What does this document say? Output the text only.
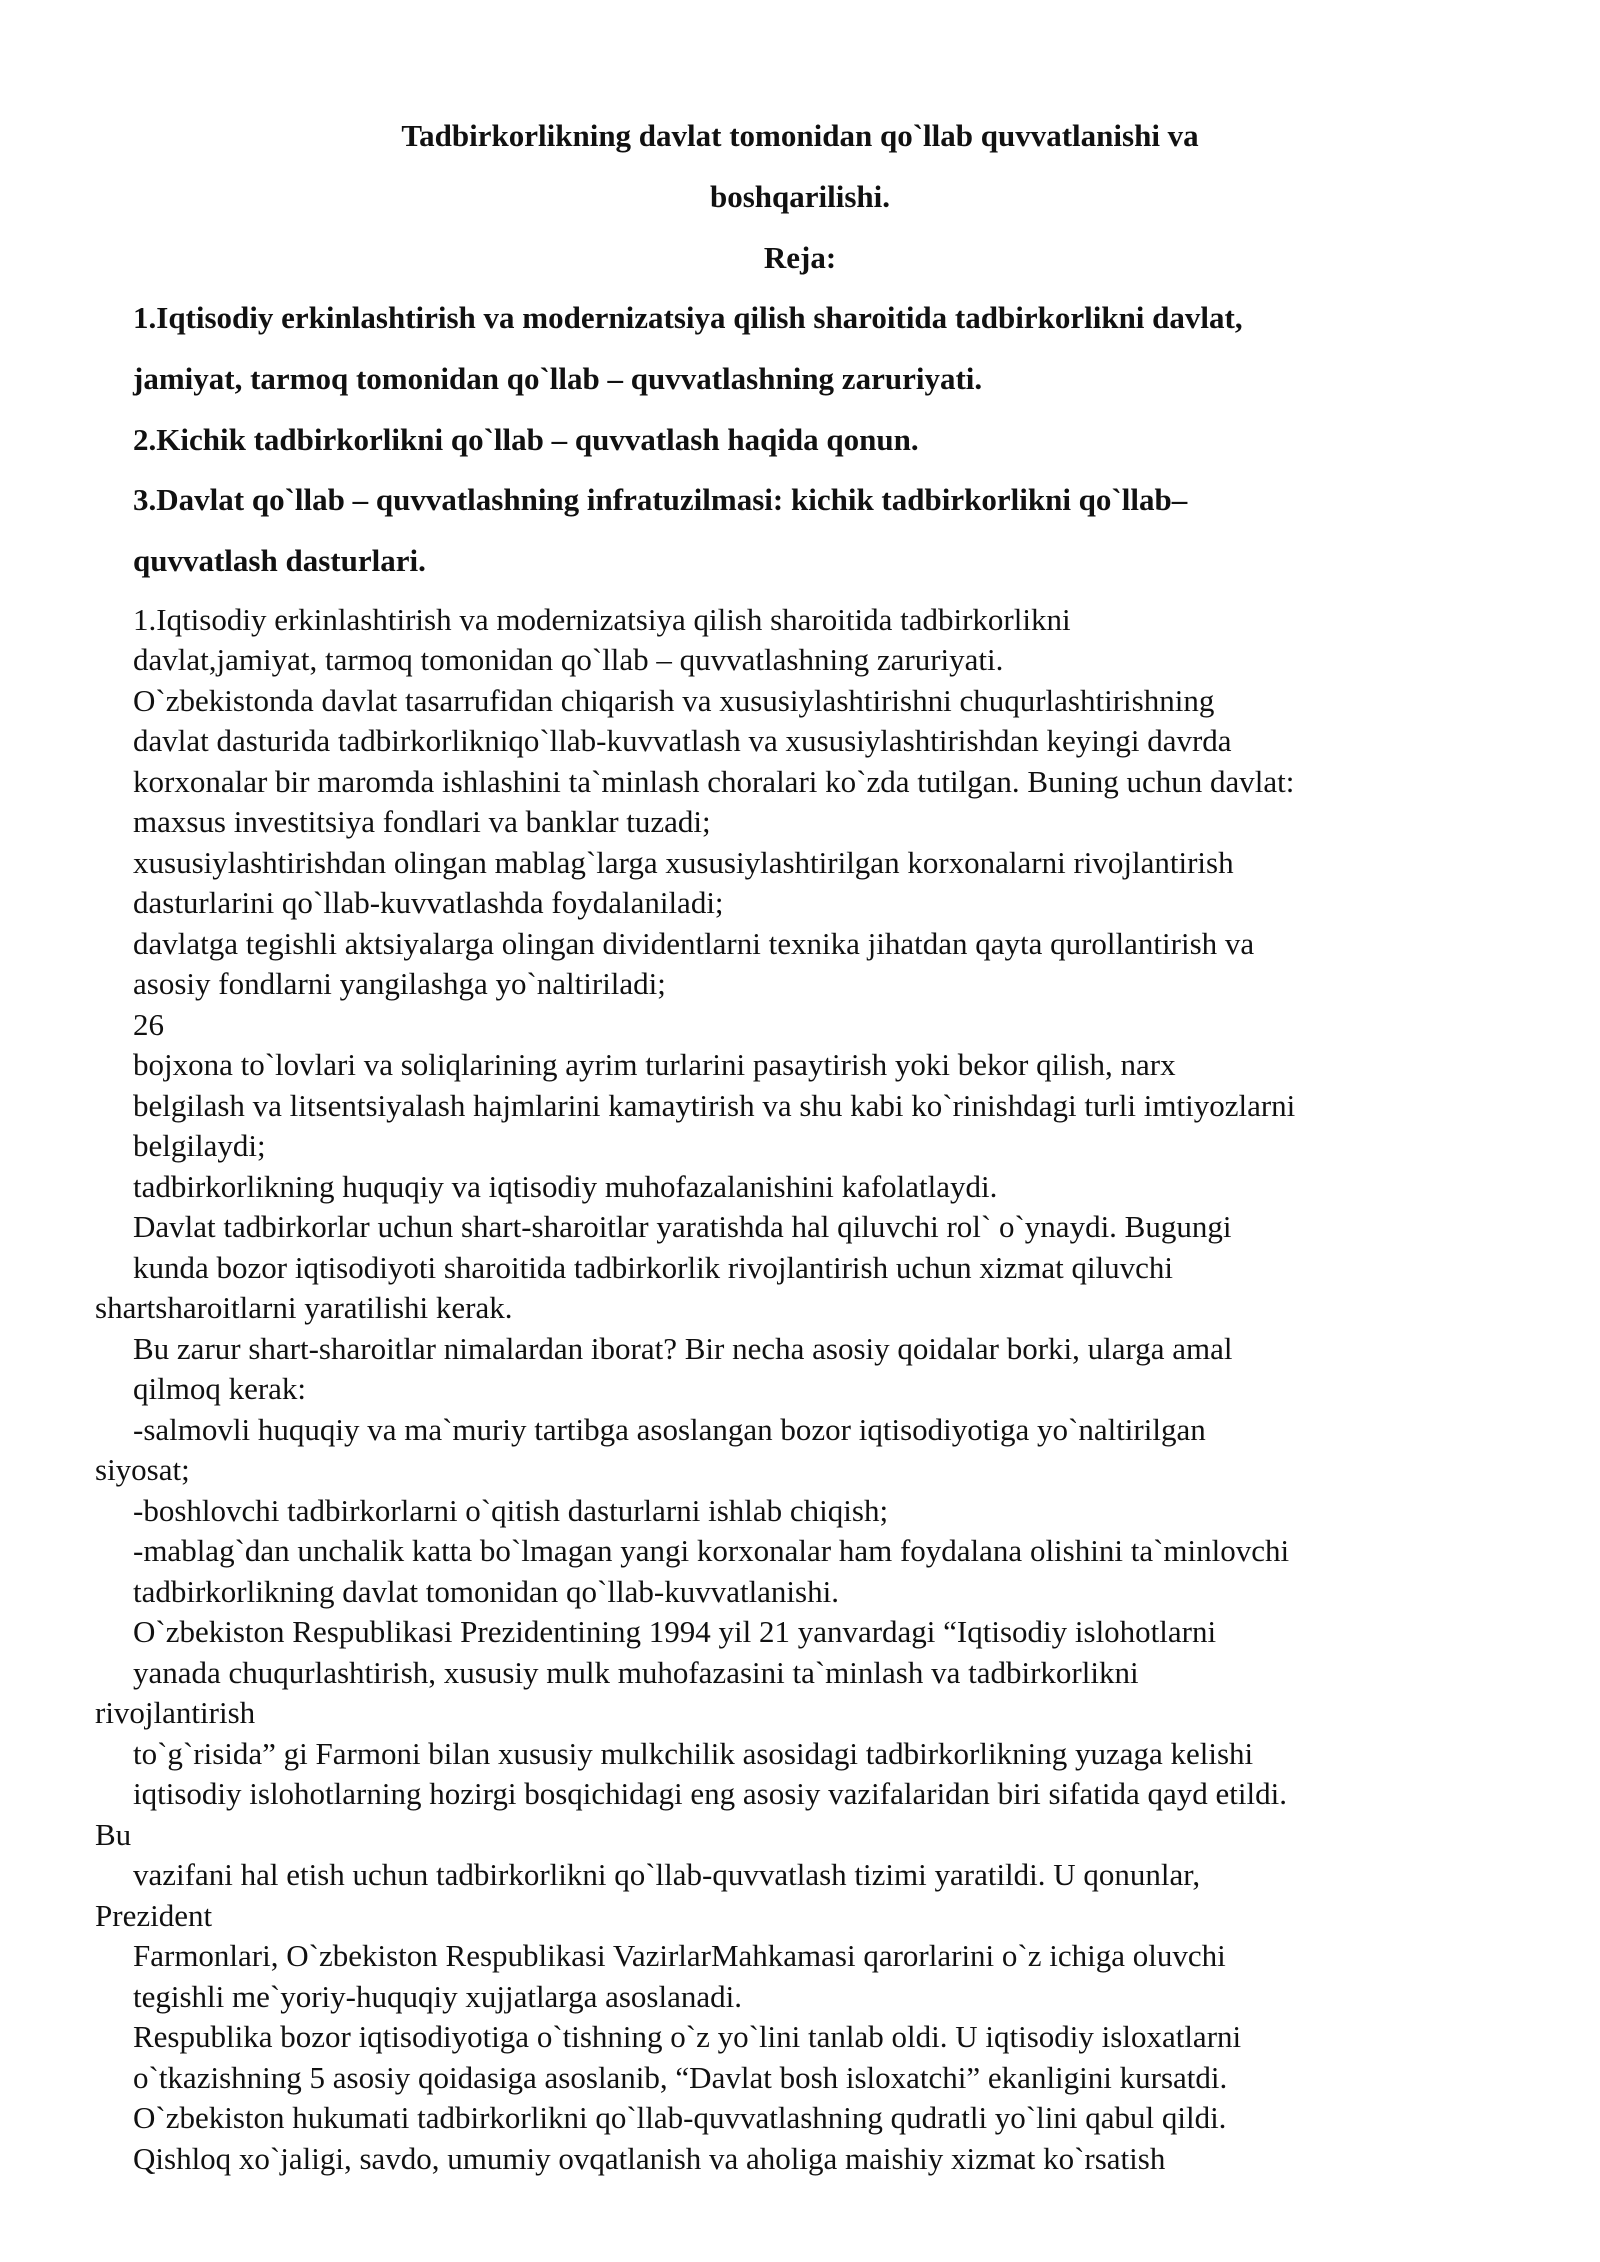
Tadbirkorlikning davlat tomonidan qo`llab quvvatlanishi va
boshqarilishi.
Reja:
1.Iqtisodiy erkinlashtirish va modernizatsiya qilish sharoitida tadbirkorlikni davlat,
jamiyat, tarmoq tomonidan qo`llab – quvvatlashning zaruriyati.
2.Kichik tadbirkorlikni qo`llab – quvvatlash haqida qonun.
3.Davlat qo`llab – quvvatlashning infratuzilmasi: kichik tadbirkorlikni qo`llab–
quvvatlash dasturlari.
1.Iqtisodiy erkinlashtirish va modernizatsiya qilish sharoitida tadbirkorlikni
davlat,jamiyat, tarmoq tomonidan qo`llab – quvvatlashning zaruriyati.
O`zbekistonda davlat tasarrufidan chiqarish va xususiylashtirishni chuqurlashtirishning
davlat dasturida tadbirkorlikniqo`llab-kuvvatlash va xususiylashtirishdan keyingi davrda
korxonalar bir maromda ishlashini ta`minlash choralari ko`zda tutilgan. Buning uchun davlat:
maxsus investitsiya fondlari va banklar tuzadi;
xususiylashtirishdan olingan mablag`larga xususiylashtirilgan korxonalarni rivojlantirish
dasturlarini qo`llab-kuvvatlashda foydalaniladi;
davlatga tegishli aktsiyalarga olingan dividentlarni texnika jihatdan qayta qurollantirish va
asosiy fondlarni yangilashga yo`naltiriladi;
26
bojxona to`lovlari va soliqlarining ayrim turlarini pasaytirish yoki bekor qilish, narx
belgilash va litsentsiyalash hajmlarini kamaytirish va shu kabi ko`rinishdagi turli imtiyozlarni
belgilaydi;
tadbirkorlikning huquqiy va iqtisodiy muhofazalanishini kafolatlaydi.
Davlat tadbirkorlar uchun shart-sharoitlar yaratishda hal qiluvchi rol` o`ynaydi. Bugungi
kunda bozor iqtisodiyoti sharoitida tadbirkorlik rivojlantirish uchun xizmat qiluvchi
shartsharoitlarni yaratilishi kerak.
Bu zarur shart-sharoitlar nimalardan iborat? Bir necha asosiy qoidalar borki, ularga amal
qilmoq kerak:
-salmovli huquqiy va ma`muriy tartibga asoslangan bozor iqtisodiyotiga yo`naltirilgan
siyosat;
-boshlovchi tadbirkorlarni o`qitish dasturlarni ishlab chiqish;
-mablag`dan unchalik katta bo`lmagan yangi korxonalar ham foydalana olishini ta`minlovchi
tadbirkorlikning davlat tomonidan qo`llab-kuvvatlanishi.
O`zbekiston Respublikasi Prezidentining 1994 yil 21 yanvardagi “Iqtisodiy islohotlarni
yanada chuqurlashtirish, xususiy mulk muhofazasini ta`minlash va tadbirkorlikni
rivojlantirish
to`g`risida” gi Farmoni bilan xususiy mulkchilik asosidagi tadbirkorlikning yuzaga kelishi
iqtisodiy islohotlarning hozirgi bosqichidagi eng asosiy vazifalaridan biri sifatida qayd etildi.
Bu
vazifani hal etish uchun tadbirkorlikni qo`llab-quvvatlash tizimi yaratildi. U qonunlar,
Prezident
Farmonlari, O`zbekiston Respublikasi VazirlarMahkamasi qarorlarini o`z ichiga oluvchi
tegishli me`yoriy-huquqiy xujjatlarga asoslanadi.
Respublika bozor iqtisodiyotiga o`tishning o`z yo`lini tanlab oldi. U iqtisodiy isloxatlarni
o`tkazishning 5 asosiy qoidasiga asoslanib, “Davlat bosh isloxatchi” ekanligini kursatdi.
O`zbekiston hukumati tadbirkorlikni qo`llab-quvvatlashning qudratli yo`lini qabul qildi.
Qishloq xo`jaligi, savdo, umumiy ovqatlanish va aholiga maishiy xizmat ko`rsatish
